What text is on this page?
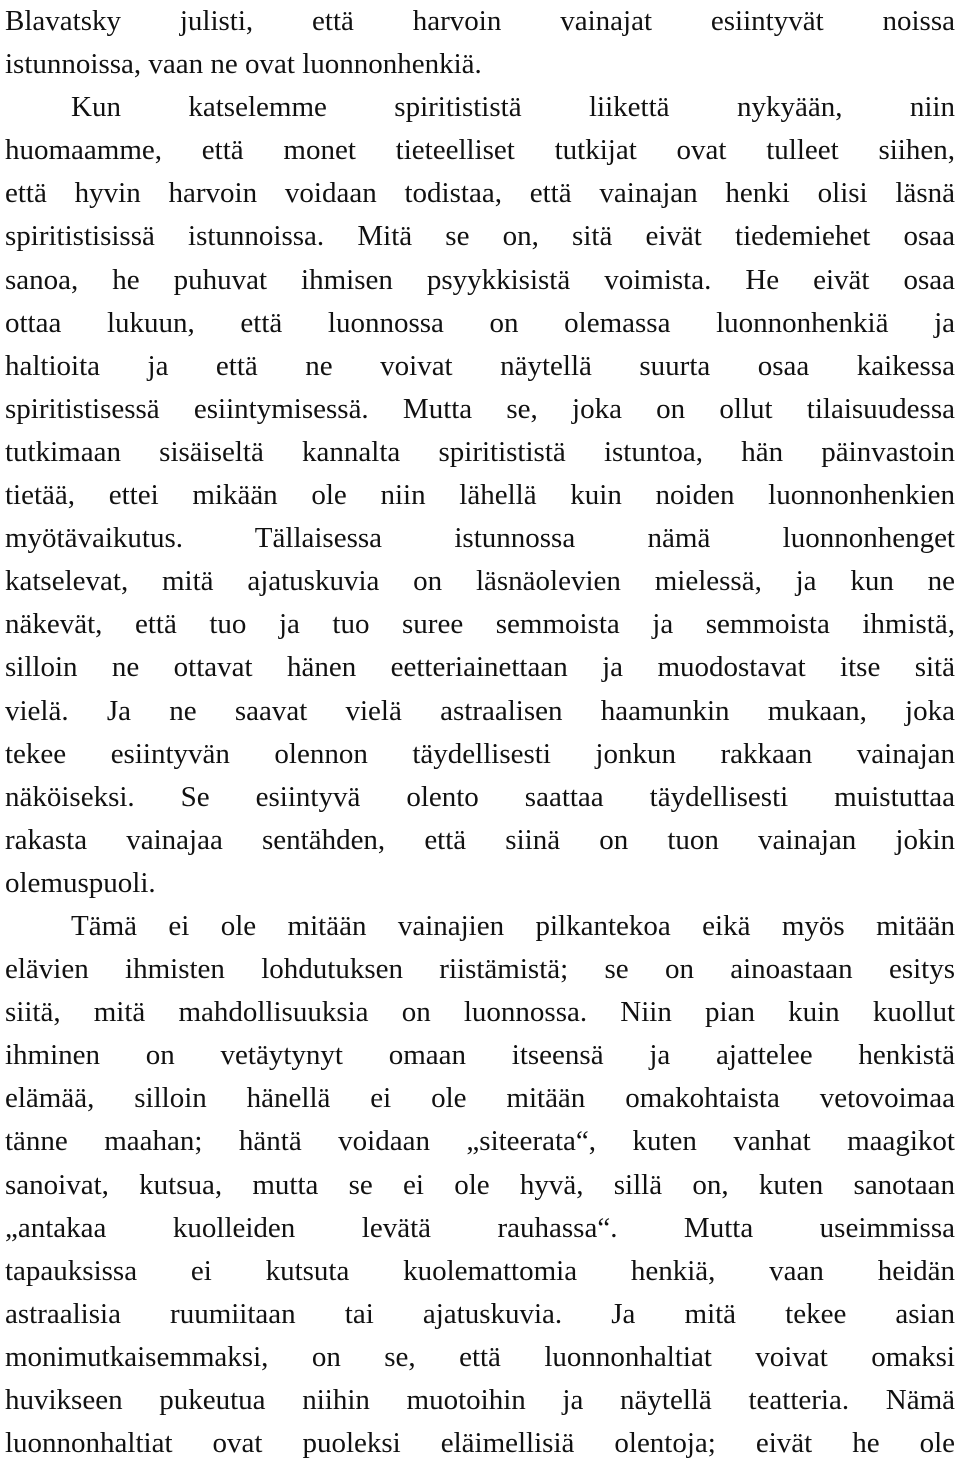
Blavatsky julisti, että harvoin vainajat esiintyvät noissa
istunnoissa, vaan ne ovat luonnonhenkiä.
Kun katselemme spiritististä liikettä nykyään, niin
huomaamme, että monet tieteelliset tutkijat ovat tulleet siihen,
että hyvin harvoin voidaan todistaa, että vainajan henki olisi läsnä
spiritistisissä istunnoissa. Mitä se on, sitä eivät tiedemiehet osaa
sanoa, he puhuvat ihmisen psyykkisistä voimista. He eivät osaa
ottaa lukuun, että luonnossa on olemassa luonnonhenkiä ja
haltioita ja että ne voivat näytellä suurta osaa kaikessa
spiritistisessä esiintymisessä. Mutta se, joka on ollut tilaisuudessa
tutkimaan sisäiseltä kannalta spiritististä istuntoa, hän päinvastoin
tietää, ettei mikään ole niin lähellä kuin noiden luonnonhenkien
myötävaikutus. Tällaisessa istunnossa nämä luonnonhenget
katselevat, mitä ajatuskuvia on läsnäolevien mielessä, ja kun ne
näkevät, että tuo ja tuo suree semmoista ja semmoista ihmistä,
silloin ne ottavat hänen eetteriainettaan ja muodostavat itse sitä
vielä. Ja ne saavat vielä astraalisen haamunkin mukaan, joka
tekee esiintyvän olennon täydellisesti jonkun rakkaan vainajan
näköiseksi. Se esiintyvä olento saattaa täydellisesti muistuttaa
rakasta vainajaa sentähden, että siinä on tuon vainajan jokin
olemuspuoli.
Tämä ei ole mitään vainajien pilkantekoa eikä myös mitään
elävien ihmisten lohdutuksen riistämistä; se on ainoastaan esitys
siitä, mitä mahdollisuuksia on luonnossa. Niin pian kuin kuollut
ihminen on vetäytynyt omaan itseensä ja ajattelee henkistä
elämää, silloin hänellä ei ole mitään omakohtaista vetovoimaa
tänne maahan; häntä voidaan „siteerata“, kuten vanhat maagikot
sanoivat, kutsua, mutta se ei ole hyvä, sillä on, kuten sanotaan
„antakaa kuolleiden levätä rauhassa“. Mutta useimmissa
tapauksissa ei kutsuta kuolemattomia henkiä, vaan heidän
astraalisia ruumiitaan tai ajatuskuvia. Ja mitä tekee asian
monimutkaisemmaksi, on se, että luonnonhaltiat voivat omaksi
huvikseen pukeutua niihin muotoihin ja näytellä teatteria. Nämä
luonnonhaltiat ovat puoleksi eläimellisiä olentoja; eivät he ole
